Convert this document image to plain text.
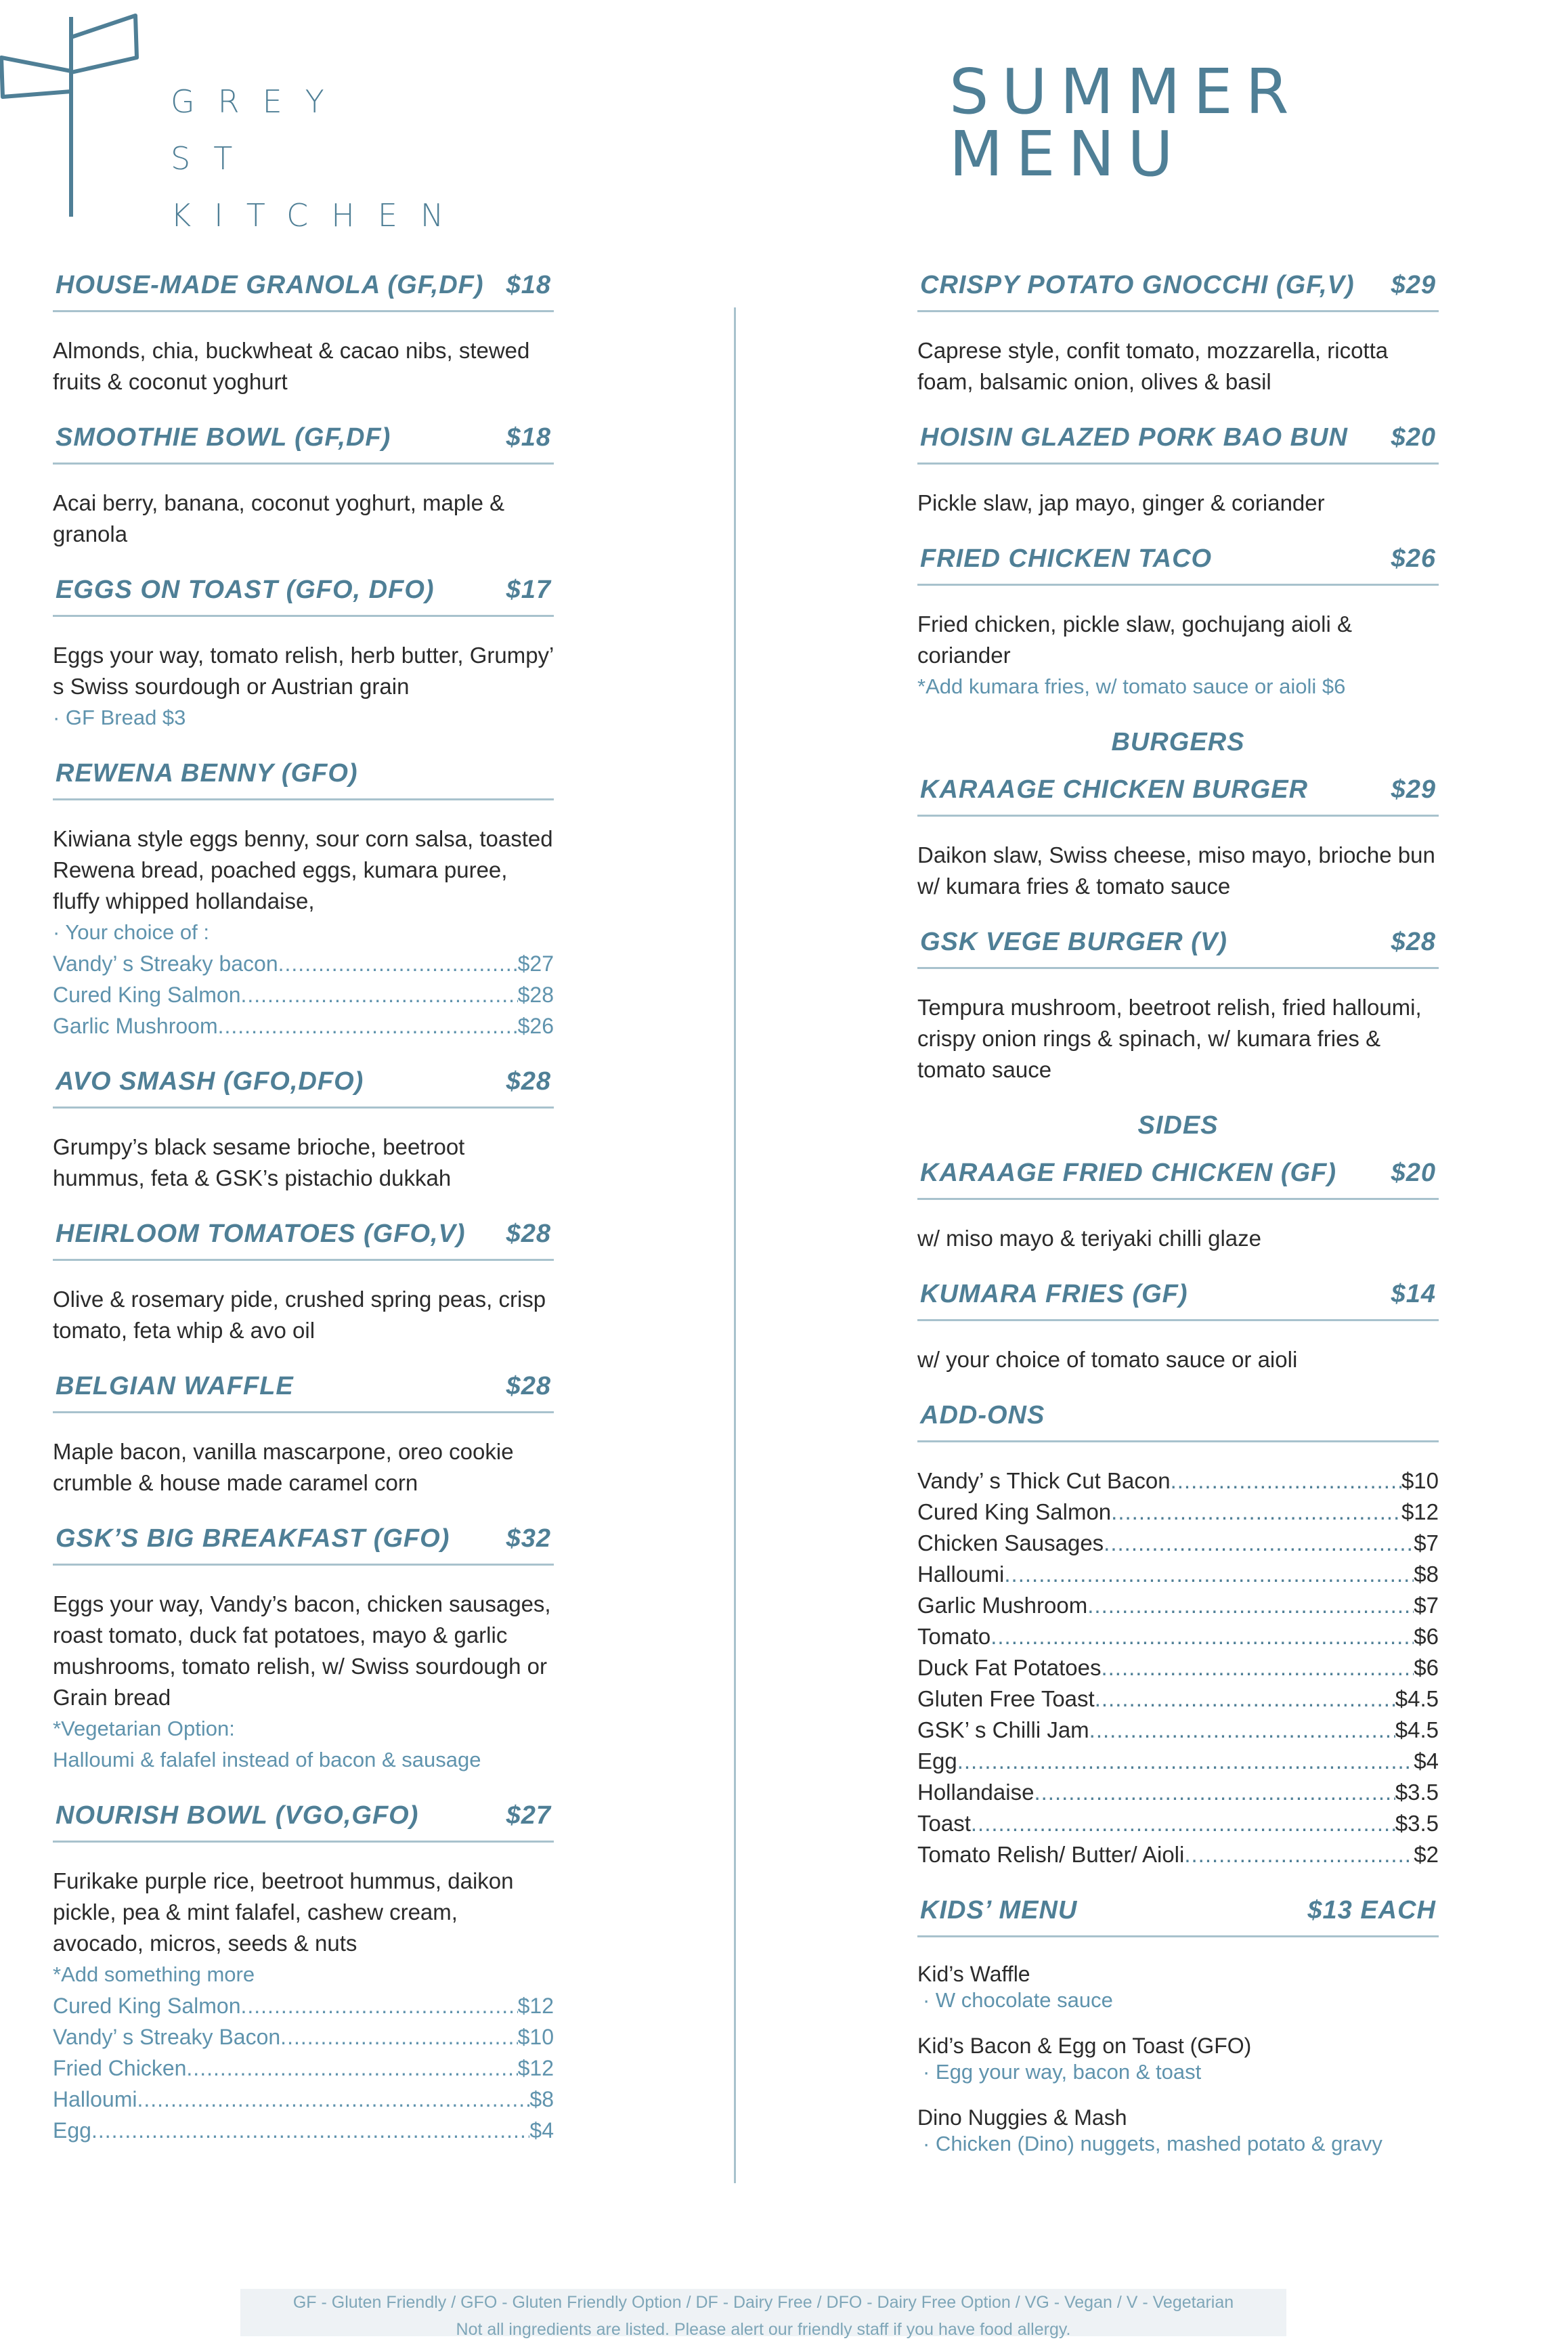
GREY
ST
KITCHEN
SUMMER MENU
HOUSE-MADE GRANOLA (GF,DF) $18
Almonds, chia, buckwheat & cacao nibs, stewed fruits & coconut yoghurt
SMOOTHIE BOWL (GF,DF)	$18
Acai berry, banana, coconut yoghurt, maple & granola
EGGS ON TOAST (GFO, DFO)	$17
Eggs your way, tomato relish, herb butter, Grumpy’ s Swiss sourdough or Austrian grain
· GF Bread $3
REWENA BENNY (GFO)
Kiwiana style eggs benny, sour corn salsa, toasted Rewena bread, poached eggs, kumara puree, fluffy whipped hollandaise,
· Your choice of :
Vandy’ s Streaky bacon .....	$27
Cured King Salmon .....	$28
Garlic Mushroom .....	$26
AVO SMASH (GFO,DFO)	$28
Grumpy’s black sesame brioche, beetroot hummus, feta & GSK’s pistachio dukkah
HEIRLOOM TOMATOES (GFO,V) $28
Olive & rosemary pide, crushed spring peas, crisp tomato, feta whip & avo oil
BELGIAN WAFFLE	$28
Maple bacon, vanilla mascarpone, oreo cookie crumble & house made caramel corn
GSK’S BIG BREAKFAST (GFO) $32
Eggs your way, Vandy’s bacon, chicken sausages, roast tomato, duck fat potatoes, mayo & garlic mushrooms, tomato relish, w/ Swiss sourdough or Grain bread
*Vegetarian Option:
Halloumi & falafel instead of bacon & sausage
NOURISH BOWL (VGO,GFO)	$27
Furikake purple rice, beetroot hummus, daikon pickle, pea & mint falafel, cashew cream, avocado, micros, seeds & nuts
*Add something more
Cured King Salmon .....	$12
Vandy’ s Streaky Bacon .....	$10
Fried Chicken .....	$12
Halloumi .....	$8
Egg .....	$4
CRISPY POTATO GNOCCHI (GF,V) $29
Caprese style, confit tomato, mozzarella, ricotta foam, balsamic onion, olives & basil
HOISIN GLAZED PORK BAO BUN $20
Pickle slaw, jap mayo, ginger & coriander
FRIED CHICKEN TACO	$26
Fried chicken, pickle slaw, gochujang aioli & coriander
*Add kumara fries, w/ tomato sauce or aioli $6
BURGERS
KARAAGE CHICKEN BURGER	$29
Daikon slaw, Swiss cheese, miso mayo, brioche bun w/ kumara fries & tomato sauce
GSK VEGE BURGER (V)	$28
Tempura mushroom, beetroot relish, fried halloumi, crispy onion rings & spinach, w/ kumara fries & tomato sauce
SIDES
KARAAGE FRIED CHICKEN (GF) $20
w/ miso mayo & teriyaki chilli glaze
KUMARA FRIES (GF)	$14
w/ your choice of tomato sauce or aioli
ADD-ONS
Vandy’ s Thick Cut Bacon .....	$10
Cured King Salmon .....	$12
Chicken Sausages .....	$7
Halloumi .....	$8
Garlic Mushroom .....	$7
Tomato .....	$6
Duck Fat Potatoes .....	$6
Gluten Free Toast .....	$4.5
GSK’ s Chilli Jam .....	$4.5
Egg .....	$4
Hollandaise .....	$3.5
Toast .....	$3.5
Tomato Relish/ Butter/ Aioli .....	$2
KIDS’ MENU	$13 EACH
Kid’s Waffle
· W chocolate sauce
Kid’s Bacon & Egg on Toast (GFO)
· Egg your way, bacon & toast
Dino Nuggies & Mash
· Chicken (Dino) nuggets, mashed potato & gravy
GF - Gluten Friendly / GFO - Gluten Friendly Option / DF - Dairy Free / DFO - Dairy Free Option / VG - Vegan / V - Vegetarian
Not all ingredients are listed. Please alert our friendly staff if you have food allergy.
